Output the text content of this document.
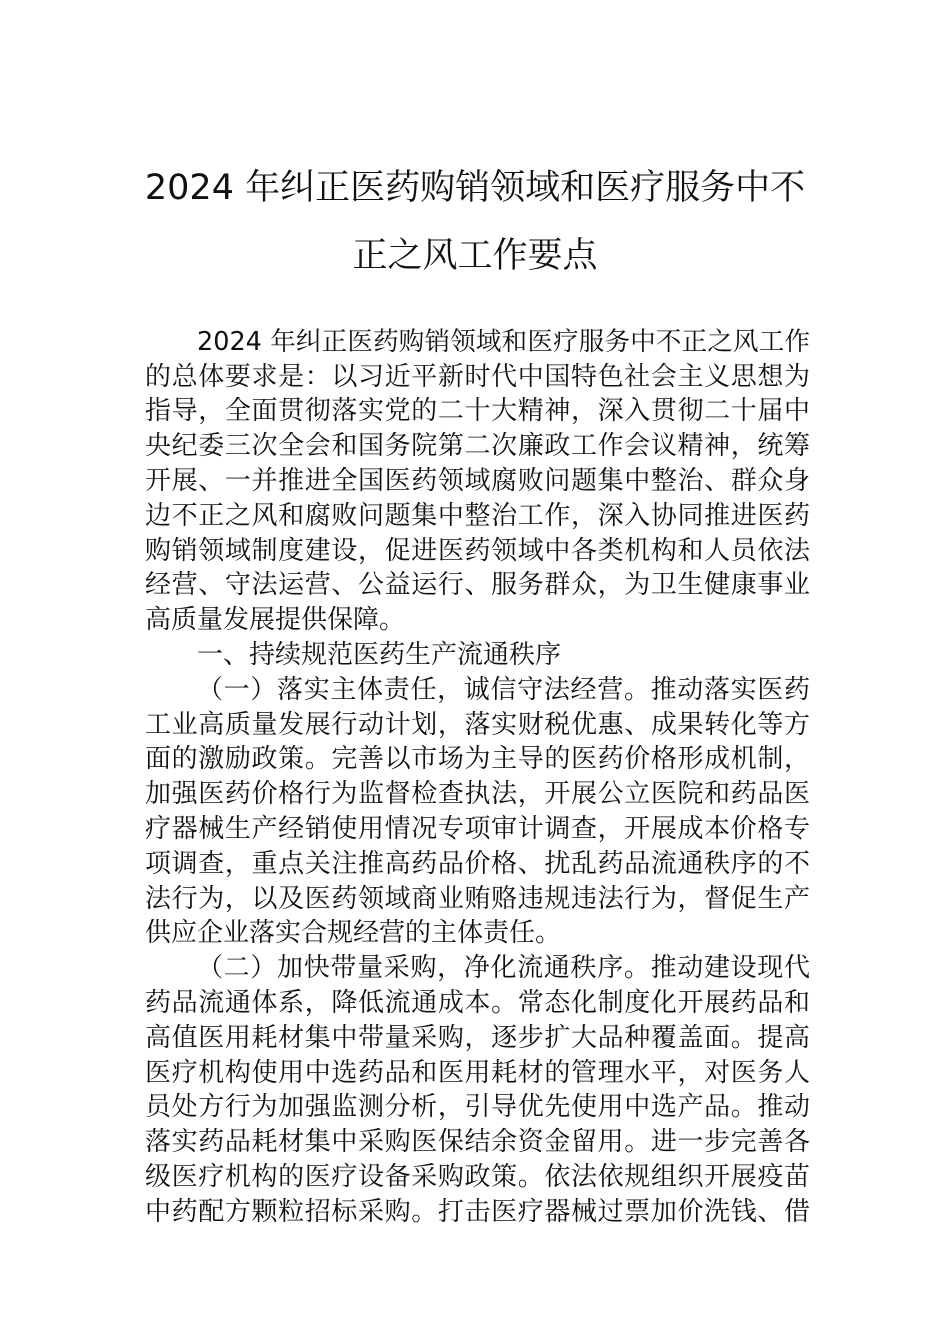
2024 年纠正医药购销领域和医疗服务中不
正之风工作要点
2024 年纠正医药购销领域和医疗服务中不正之风工作
的总体要求是：以习近平新时代中国特色社会主义思想为
指导，全面贯彻落实党的二十大精神，深入贯彻二十届中
央纪委三次全会和国务院第二次廉政工作会议精神，统筹
开展、一并推进全国医药领域腐败问题集中整治、群众身
边不正之风和腐败问题集中整治工作，深入协同推进医药
购销领域制度建设，促进医药领域中各类机构和人员依法
经营、守法运营、公益运行、服务群众，为卫生健康事业
高质量发展提供保障。
一、持续规范医药生产流通秩序
（一）落实主体责任，诚信守法经营。推动落实医药
工业高质量发展行动计划，落实财税优惠、成果转化等方
面的激励政策。完善以市场为主导的医药价格形成机制，
加强医药价格行为监督检查执法，开展公立医院和药品医
疗器械生产经销使用情况专项审计调查，开展成本价格专
项调查，重点关注推高药品价格、扰乱药品流通秩序的不
法行为，以及医药领域商业贿赂违规违法行为，督促生产
供应企业落实合规经营的主体责任。
（二）加快带量采购，净化流通秩序。推动建设现代
药品流通体系，降低流通成本。常态化制度化开展药品和
高值医用耗材集中带量采购，逐步扩大品种覆盖面。提高
医疗机构使用中选药品和医用耗材的管理水平，对医务人
员处方行为加强监测分析，引导优先使用中选产品。推动
落实药品耗材集中采购医保结余资金留用。进一步完善各
级医疗机构的医疗设备采购政策。依法依规组织开展疫苗
中药配方颗粒招标采购。打击医疗器械过票加价洗钱、借
